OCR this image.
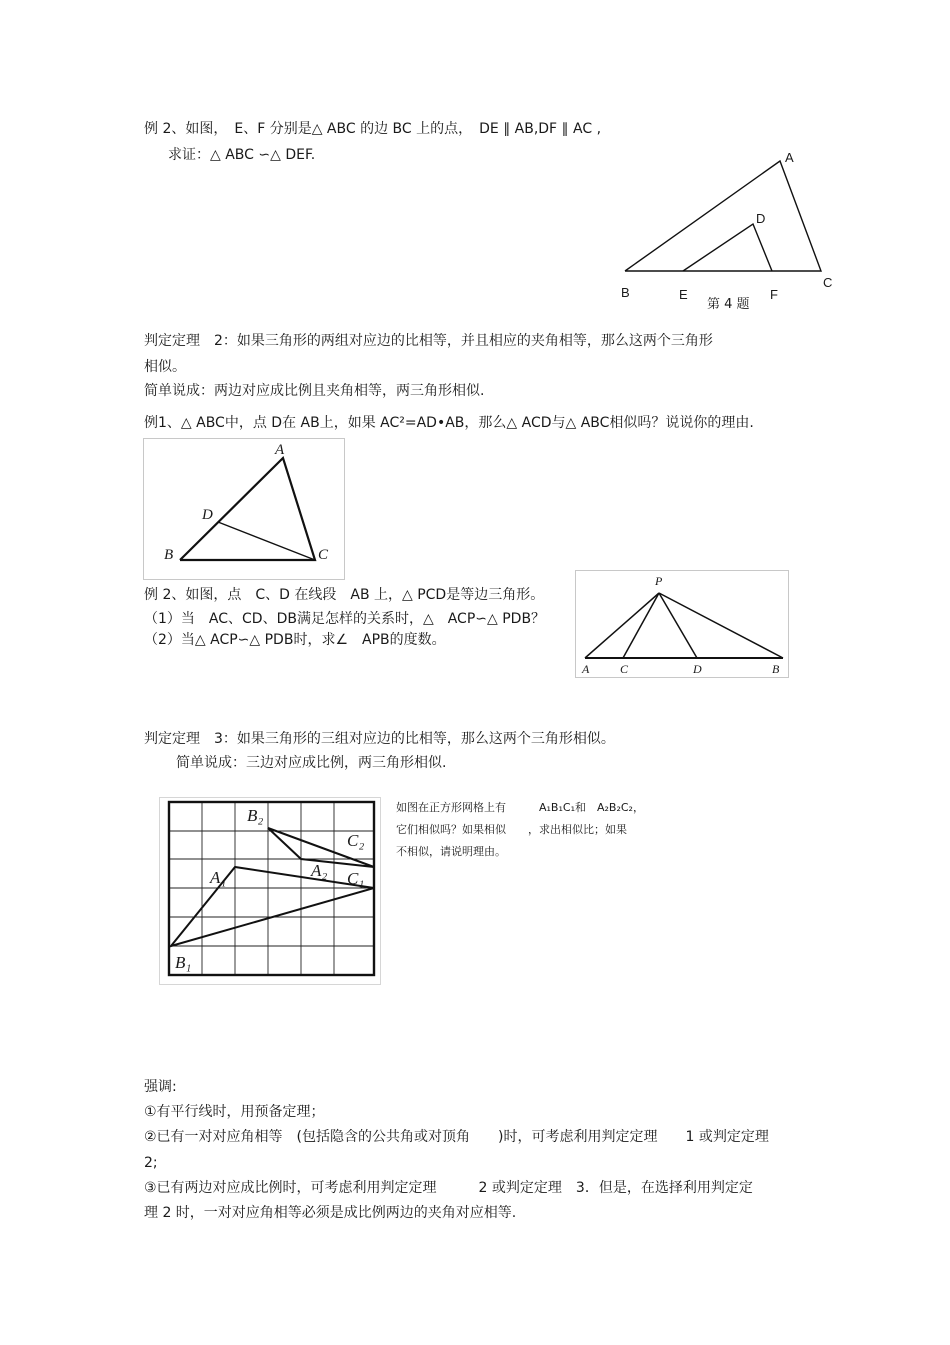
例 2、如图，　E、F 分别是△ ABC 的边 BC 上的点，　DE ∥ AB,DF ∥ AC ,
求证：△ ABC ∽△ DEF.	A
D
B	E	F
C
第 4 题
判定定理　2：如果三角形的两组对应边的比相等，并且相应的夹角相等，那么这两个三角形
相似。
简单说成：两边对应成比例且夹角相等，两三角形相似.
例1、△ ABC中，点 D在 AB上，如果 AC²=AD•AB，那么△ ACD与△ ABC相似吗？说说你的理由.
A
D
B	C
例 2、如图，点　C、D 在线段　AB 上，△ PCD是等边三角形。
（1）当　AC、CD、DB满足怎样的关系时，△　ACP∽△ PDB？
（2）当△ ACP∽△ PDB时，求∠　APB的度数。
P
A	C	D	B
判定定理　3：如果三角形的三组对应边的比相等，那么这两个三角形相似。
简单说成：三边对应成比例，两三角形相似.
B₂
C₂
A₁	A₂ C₁
B₁
如图在正方形网格上有　　　A₁B₁C₁和　A₂B₂C₂，
它们相似吗？如果相似　　，求出相似比；如果
不相似，请说明理由。
强调:
①有平行线时，用预备定理；
②已有一对对应角相等　(包括隐含的公共角或对顶角　　)时，可考虑利用判定定理　　1 或判定定理
2;
③已有两边对应成比例时，可考虑利用判定定理　　　2 或判定定理　3．但是，在选择利用判定定
理 2 时，一对对应角相等必须是成比例两边的夹角对应相等.
